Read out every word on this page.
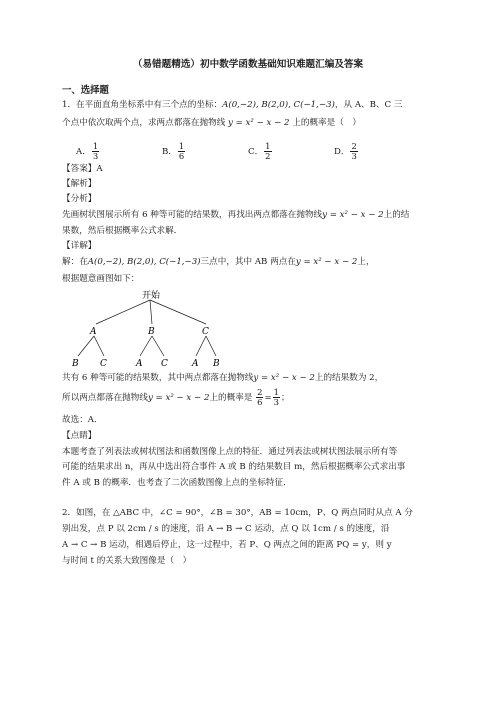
（易错题精选）初中数学函数基础知识难题汇编及答案
一、选择题
1．在平面直角坐标系中有三个点的坐标：A(0,−2), B(2,0), C(−1,−3)，从 A、B、C 三
个点中依次取两个点，求两点都落在抛物线 y = x² − x − 2 上的概率是（　）
A． $\frac{1}{3}$	B． $\frac{1}{6}$	C． $\frac{1}{2}$	D． $\frac{2}{3}$
【答案】A
【解析】
【分析】
先画树状图展示所有 6 种等可能的结果数，再找出两点都落在抛物线y = x² − x − 2上的结
果数，然后根据概率公式求解．
【详解】
解：在A(0,−2), B(2,0), C(−1,−3)三点中，其中 AB 两点在y = x² − x − 2上，
根据题意画图如下：
开始
A	B	C
B C	A C	A B
共有 6 种等可能的结果数，其中两点都落在抛物线y = x² − x − 2上的结果数为 2，
所以两点都落在抛物线y = x² − x − 2上的概率是 $\frac{2}{6} = \frac{1}{3}$ ；
故选：A．
【点睛】
本题考查了列表法或树状图法和函数图像上点的特征．通过列表法或树状图法展示所有等
可能的结果求出 n，再从中选出符合事件 A 或 B 的结果数目 m，然后根据概率公式求出事
件 A 或 B 的概率．也考查了二次函数图像上点的坐标特征．
2．如图，在 △ABC 中，∠C = 90°，∠B = 30°，AB = 10cm，P、Q 两点同时从点 A 分
别出发，点 P 以 2cm / s 的速度，沿 A → B → C 运动，点 Q 以 1cm / s 的速度，沿
A → C → B 运动，相遇后停止，这一过程中，若 P、Q 两点之间的距离 PQ = y，则 y
与时间 t 的关系大致图像是（　）
